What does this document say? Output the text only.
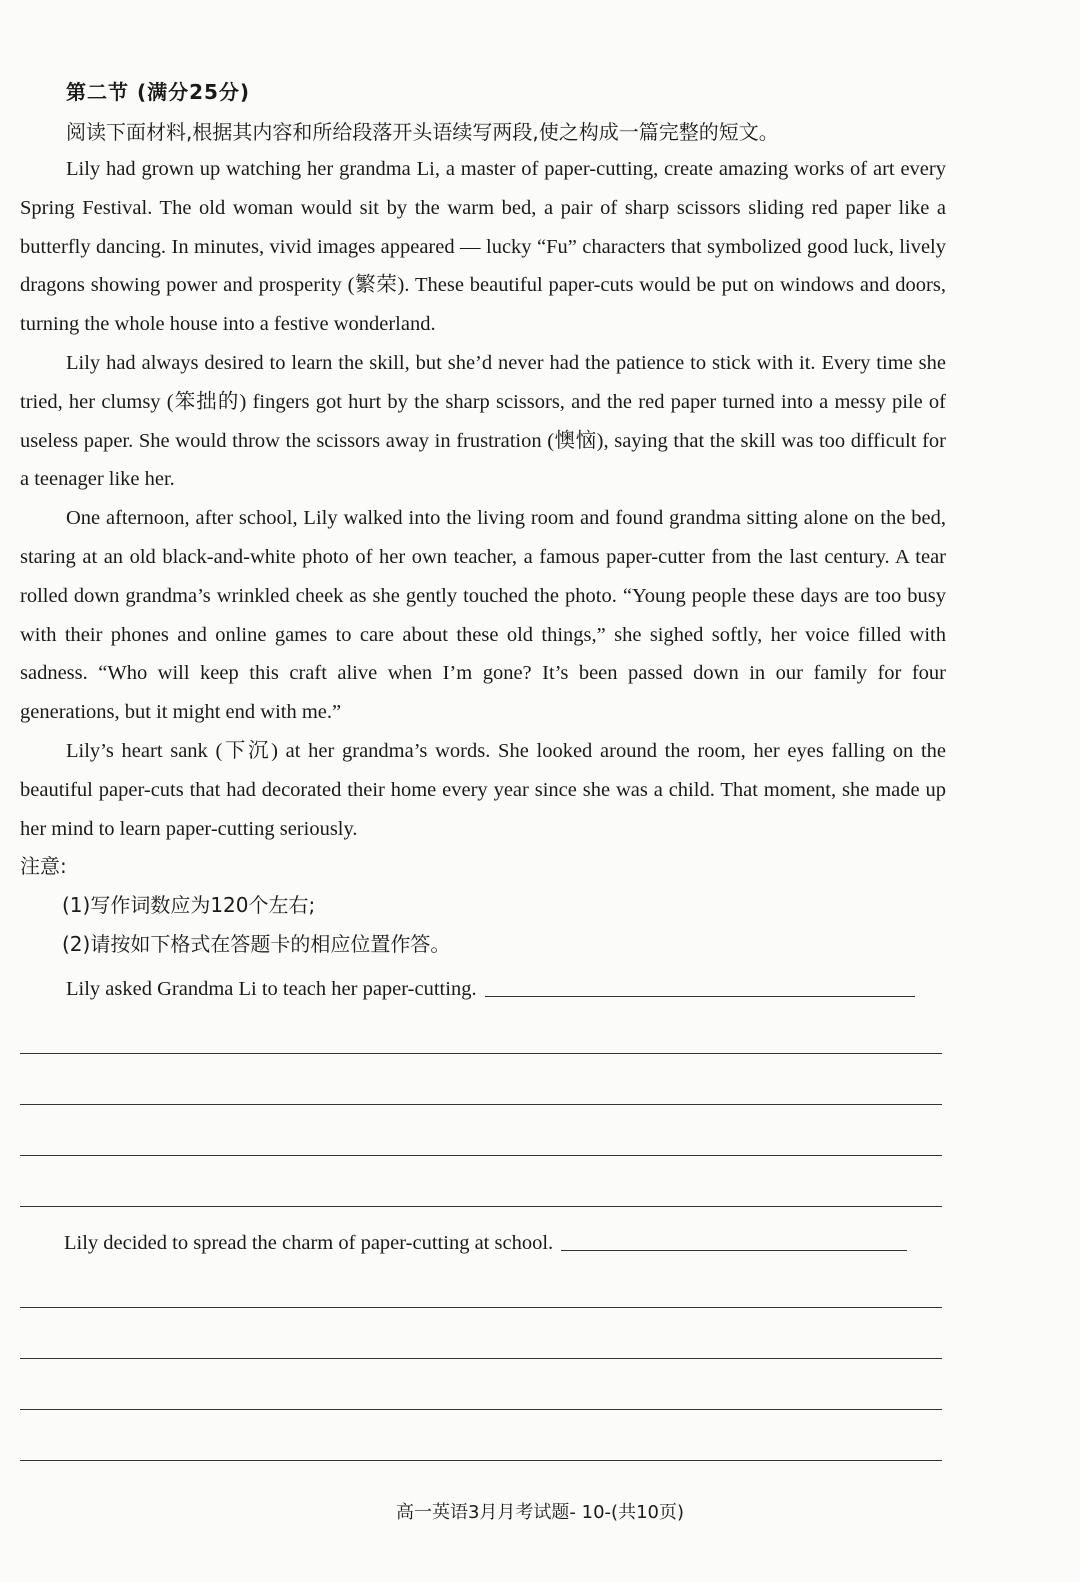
第二节 (满分25分)
阅读下面材料,根据其内容和所给段落开头语续写两段,使之构成一篇完整的短文。

Lily had grown up watching her grandma Li, a master of paper-cutting, create amazing works of art every Spring Festival. The old woman would sit by the warm bed, a pair of sharp scissors sliding red paper like a butterfly dancing. In minutes, vivid images appeared — lucky “Fu” characters that symbolized good luck, lively dragons showing power and prosperity (繁荣). These beautiful paper-cuts would be put on windows and doors, turning the whole house into a festive wonderland.

Lily had always desired to learn the skill, but she’d never had the patience to stick with it. Every time she tried, her clumsy (笨拙的) fingers got hurt by the sharp scissors, and the red paper turned into a messy pile of useless paper. She would throw the scissors away in frustration (懊恼), saying that the skill was too difficult for a teenager like her.

One afternoon, after school, Lily walked into the living room and found grandma sitting alone on the bed, staring at an old black-and-white photo of her own teacher, a famous paper-cutter from the last century. A tear rolled down grandma’s wrinkled cheek as she gently touched the photo. “Young people these days are too busy with their phones and online games to care about these old things,” she sighed softly, her voice filled with sadness. “Who will keep this craft alive when I’m gone? It’s been passed down in our family for four generations, but it might end with me.”

Lily’s heart sank (下沉) at her grandma’s words. She looked around the room, her eyes falling on the beautiful paper-cuts that had decorated their home every year since she was a child. That moment, she made up her mind to learn paper-cutting seriously.

注意:
(1)写作词数应为120个左右;
(2)请按如下格式在答题卡的相应位置作答。
Lily asked Grandma Li to teach her paper-cutting.
Lily decided to spread the charm of paper-cutting at school.
高一英语3月月考试题- 10-(共10页)
